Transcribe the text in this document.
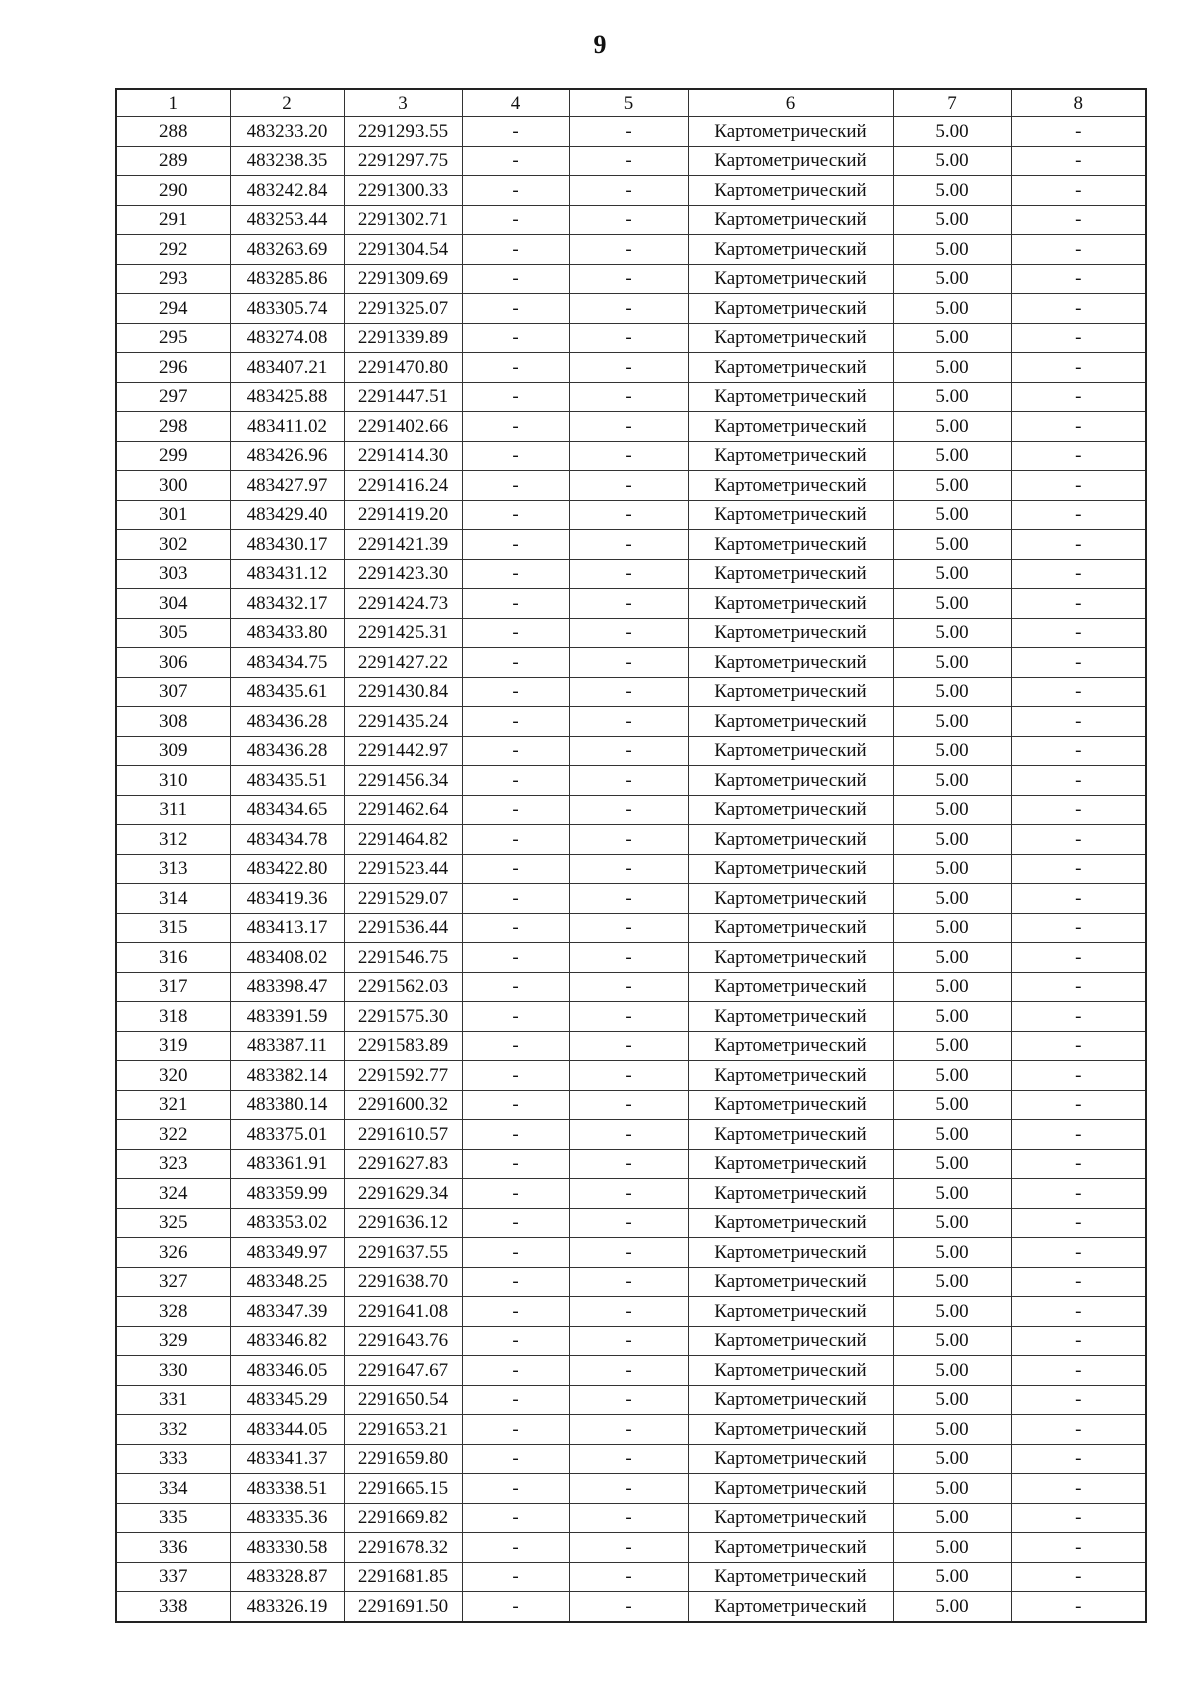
9
1	2	3	4	5	6	7	8
288	483233.20	2291293.55	-	-	Картометрический	5.00	-
289	483238.35	2291297.75	-	-	Картометрический	5.00	-
290	483242.84	2291300.33	-	-	Картометрический	5.00	-
291	483253.44	2291302.71	-	-	Картометрический	5.00	-
292	483263.69	2291304.54	-	-	Картометрический	5.00	-
293	483285.86	2291309.69	-	-	Картометрический	5.00	-
294	483305.74	2291325.07	-	-	Картометрический	5.00	-
295	483274.08	2291339.89	-	-	Картометрический	5.00	-
296	483407.21	2291470.80	-	-	Картометрический	5.00	-
297	483425.88	2291447.51	-	-	Картометрический	5.00	-
298	483411.02	2291402.66	-	-	Картометрический	5.00	-
299	483426.96	2291414.30	-	-	Картометрический	5.00	-
300	483427.97	2291416.24	-	-	Картометрический	5.00	-
301	483429.40	2291419.20	-	-	Картометрический	5.00	-
302	483430.17	2291421.39	-	-	Картометрический	5.00	-
303	483431.12	2291423.30	-	-	Картометрический	5.00	-
304	483432.17	2291424.73	-	-	Картометрический	5.00	-
305	483433.80	2291425.31	-	-	Картометрический	5.00	-
306	483434.75	2291427.22	-	-	Картометрический	5.00	-
307	483435.61	2291430.84	-	-	Картометрический	5.00	-
308	483436.28	2291435.24	-	-	Картометрический	5.00	-
309	483436.28	2291442.97	-	-	Картометрический	5.00	-
310	483435.51	2291456.34	-	-	Картометрический	5.00	-
311	483434.65	2291462.64	-	-	Картометрический	5.00	-
312	483434.78	2291464.82	-	-	Картометрический	5.00	-
313	483422.80	2291523.44	-	-	Картометрический	5.00	-
314	483419.36	2291529.07	-	-	Картометрический	5.00	-
315	483413.17	2291536.44	-	-	Картометрический	5.00	-
316	483408.02	2291546.75	-	-	Картометрический	5.00	-
317	483398.47	2291562.03	-	-	Картометрический	5.00	-
318	483391.59	2291575.30	-	-	Картометрический	5.00	-
319	483387.11	2291583.89	-	-	Картометрический	5.00	-
320	483382.14	2291592.77	-	-	Картометрический	5.00	-
321	483380.14	2291600.32	-	-	Картометрический	5.00	-
322	483375.01	2291610.57	-	-	Картометрический	5.00	-
323	483361.91	2291627.83	-	-	Картометрический	5.00	-
324	483359.99	2291629.34	-	-	Картометрический	5.00	-
325	483353.02	2291636.12	-	-	Картометрический	5.00	-
326	483349.97	2291637.55	-	-	Картометрический	5.00	-
327	483348.25	2291638.70	-	-	Картометрический	5.00	-
328	483347.39	2291641.08	-	-	Картометрический	5.00	-
329	483346.82	2291643.76	-	-	Картометрический	5.00	-
330	483346.05	2291647.67	-	-	Картометрический	5.00	-
331	483345.29	2291650.54	-	-	Картометрический	5.00	-
332	483344.05	2291653.21	-	-	Картометрический	5.00	-
333	483341.37	2291659.80	-	-	Картометрический	5.00	-
334	483338.51	2291665.15	-	-	Картометрический	5.00	-
335	483335.36	2291669.82	-	-	Картометрический	5.00	-
336	483330.58	2291678.32	-	-	Картометрический	5.00	-
337	483328.87	2291681.85	-	-	Картометрический	5.00	-
338	483326.19	2291691.50	-	-	Картометрический	5.00	-
